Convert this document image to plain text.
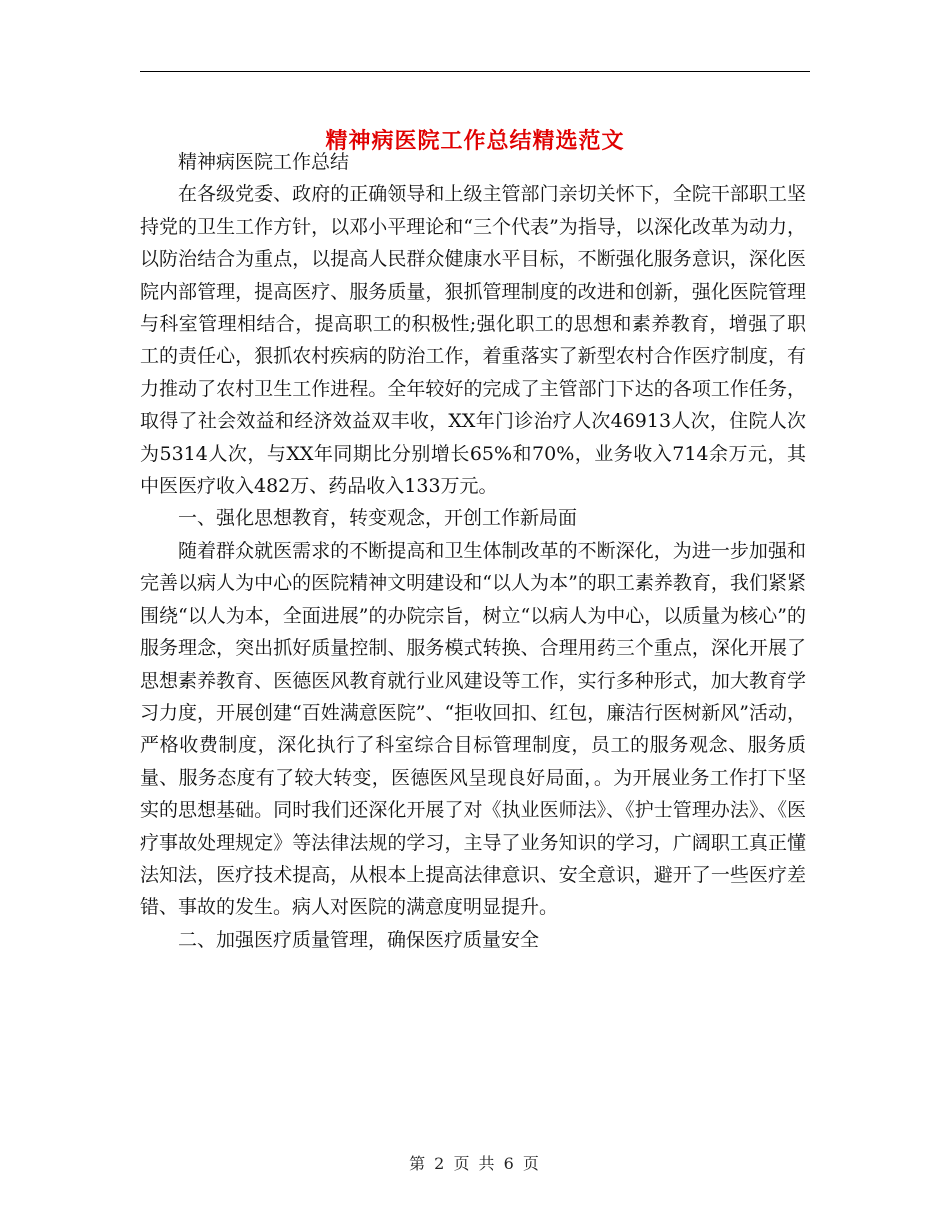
精神病医院工作总结精选范文

精神病医院工作总结

在各级党委、政府的正确领导和上级主管部门亲切关怀下，全院干部职工坚持党的卫生工作方针，以邓小平理论和“三个代表”为指导，以深化改革为动力，以防治结合为重点，以提高人民群众健康水平目标，不断强化服务意识，深化医院内部管理，提高医疗、服务质量，狠抓管理制度的改进和创新，强化医院管理与科室管理相结合，提高职工的积极性;强化职工的思想和素养教育，增强了职工的责任心，狠抓农村疾病的防治工作，着重落实了新型农村合作医疗制度，有力推动了农村卫生工作进程。全年较好的完成了主管部门下达的各项工作任务，取得了社会效益和经济效益双丰收，XX年门诊治疗人次46913人次，住院人次为5314人次，与XX年同期比分别增长65%和70%，业务收入714余万元，其中医医疗收入482万、药品收入133万元。

一、强化思想教育，转变观念，开创工作新局面

随着群众就医需求的不断提高和卫生体制改革的不断深化，为进一步加强和完善以病人为中心的医院精神文明建设和“以人为本”的职工素养教育，我们紧紧围绕“以人为本，全面进展”的办院宗旨，树立“以病人为中心，以质量为核心”的服务理念，突出抓好质量控制、服务模式转换、合理用药三个重点，深化开展了思想素养教育、医德医风教育就行业风建设等工作，实行多种形式，加大教育学习力度，开展创建“百姓满意医院”、“拒收回扣、红包，廉洁行医树新风”活动，严格收费制度，深化执行了科室综合目标管理制度，员工的服务观念、服务质量、服务态度有了较大转变，医德医风呈现良好局面，。为开展业务工作打下坚实的思想基础。同时我们还深化开展了对《执业医师法》、《护士管理办法》、《医疗事故处理规定》等法律法规的学习，主导了业务知识的学习，广阔职工真正懂法知法，医疗技术提高，从根本上提高法律意识、安全意识，避开了一些医疗差错、事故的发生。病人对医院的满意度明显提升。

二、加强医疗质量管理，确保医疗质量安全

第 2 页 共 6 页
